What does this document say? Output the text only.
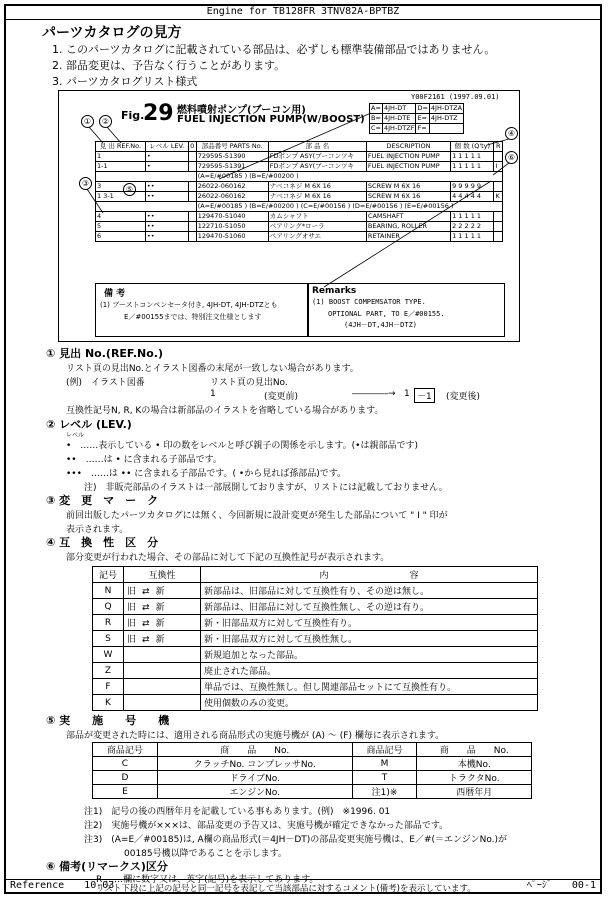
Engine for TB128FR 3TNV82A-BPTBZ
パーツカタログの見方
1. このパーツカタログに記載されている部品は、必ずしも標準装備部品ではありません。
2. 部品変更は、予告なく行うことがあります。
3. パーツカタログリスト様式
Y00F2161 (1997.09.01)
Fig.
29 燃料噴射ポンプ(ブーコン用)
FUEL INJECTION PUMP(W/BOOST)
A=	4JH-DT	D=	4JH-DTZA
B=	4JH-DTE	E=	4JH-DTZ
C=	4JH-DTZF	F=	
①	②
③
④
⑤
⑥
見 出 REF.No.	レベル LEV.	0	部品番号 PARTS No.	部 品 名	DESCRIPTION	個 数 (Q'ty)	R
1	•		729595-51390	FDポンプ ASY(ブーコンツキ	FUEL INJECTION PUMP	1 1 1 1 1	
1-1	•		729595-51391	FDポンプ ASY(ブーコンツキ	FUEL INJECTION PUMP	1 1 1 1 1	I
			(A=E/#00185 ) (B=E/#00200 )				
3	••		26022-060162	ナベコネジ M 6X 16	SCREW M 6X 16	9 9 9 9 9	
1 3-1	••		26022-060162	ナベコネジ M 6X 16	SCREW M 6X 16	4 4 4 4 4	K
			(A=E/#00185 ) (B=E/#00200 ) (C=E/#00156 ) (D=E/#00156 ) (E=E/#00156 )				
4	••		129470-51040	カムシャフト	CAMSHAFT	1 1 1 1 1	
5	••		122710-51050	ベアリング*ローラ	BEARING, ROLLER	2 2 2 2 2	
6	••		129470-51060	ベアリングオサエ	RETAINER	1 1 1 1 1	
備 考
(1) ブーストコンペンセータ付き, 4JH-DT, 4JH-DTZとも
E／#00155までは、特別注文仕様とします
Remarks
(1) BOOST COMPEMSATOR TYPE.
OPTIONAL PART, TO E／#00155.
(4JH－DT,4JH－DTZ)
① 見出 No.(REF.No.)
リスト頁の見出No.とイラスト図番の末尾が一致しない場合があります。
(例)　イラスト図番	リスト頁の見出No.
1	(変更前)	――――→ 1 －1	(変更後)
互換性記号N, R, Kの場合は新部品のイラストを省略している場合があります。
② レベル (LEV.)
レベル
•　……表示している • 印の数をレベルと呼び親子の関係を示します。(•は親部品です)
••　……は • に含まれる子部品です。
•••　……は •• に含まれる子部品です。( •から見れば孫部品)です。
注)　非販売部品のイラストは一部展開しておりますが、リストには記載しておりません。
③ 変　更　マ　ー　ク
前回出版したパーツカタログには無く、今回新規に設計変更が発生した部品について " I " 印が
表示されます。
④ 互　換　性　区　分
部分変更が行われた場合、その部品に対して下記の互換性記号が表示されます。
記号	互換性	内　　　　　　　　　容
N	旧 ⇄ 新	新部品は、旧部品に対して互換性有り、その逆は無し。
Q	旧 ⇄ 新	新部品は、旧部品に対して互換性無し、その逆は有り。
R	旧 ⇄ 新	新・旧部品双方に対して互換性有り。
S	旧 ⇄ 新	新・旧部品双方に対して互換性無し。
W		新規追加となった部品。
Z		廃止された部品。
F		単品では、互換性無し。但し関連部品セットにて互換性有り。
K		使用個数のみの変更。
⑤ 実　　施　　号　　機
部品が変更された時には、適用される商品形式の実施号機が (A) ～ (F) 欄毎に表示されます。
商品記号	商　　品　　No.	商品記号	商　　品　　No.
C	クラッチNo. コンプレッサNo.	M	本機No.
D	ドライブNo.	T	トラクタNo.
E	エンジンNo.	注1)※	西暦年月
注1)　記号の後の西暦年月を記載している事もあります。(例)　※1996. 01
注2)　実施号機が×××は、部品変更の予告又は、実施号機が確定できなかった部品です。
注3)　(A=E／#00185)は, A欄の商品形式(＝4JH－DT)の部品変更実施号機は、E／#(＝エンジンNo.)が
00185号機以降であることを示します。
⑥ 備考(リマークス)区分
R ……欄に数字又は、英字(記号)を表示してあります。
リスト下段に上記の記号と同一記号を表記して当該部品に対するコメント(備考)を表示しています。
Reference　　10-03	ﾍﾟｰｼﾞ　　00-1
